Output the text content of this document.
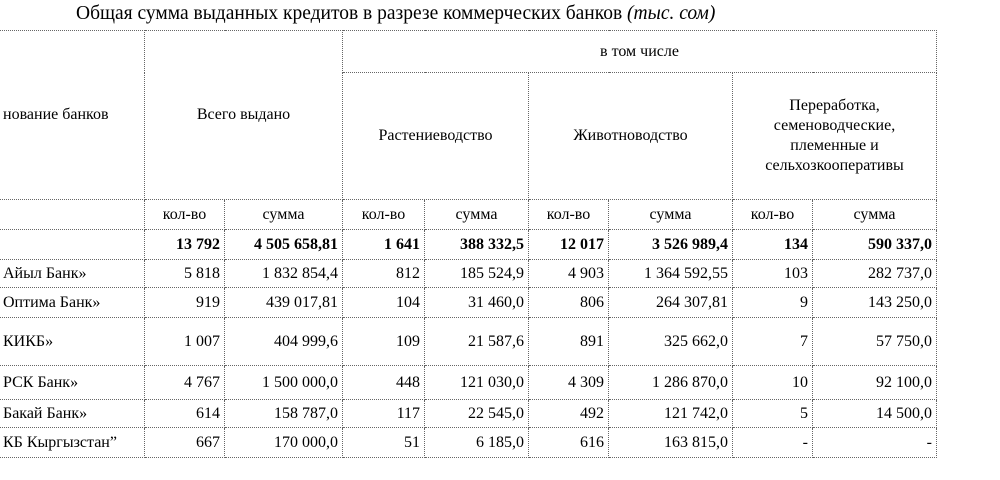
Общая сумма выданных кредитов в разрезе коммерческих банков (тыс. сом)
нование банков	Всего выдано		в том числе					
			Растениеводство		Животноводство		Переработка,
семеноводческие,
племенные и
сельхозкооперативы	

	кол-во	сумма	кол-во	сумма	кол-во	сумма	кол-во	сумма
	13 792	4 505 658,81	1 641	388 332,5	12 017	3 526 989,4	134	590 337,0
Айыл Банк»	5 818	1 832 854,4	812	185 524,9	4 903	1 364 592,55	103	282 737,0
Оптима Банк»	919	439 017,81	104	31 460,0	806	264 307,81	9	143 250,0
КИКБ»	1 007	404 999,6	109	21 587,6	891	325 662,0	7	57 750,0
РСК Банк»	4 767	1 500 000,0	448	121 030,0	4 309	1 286 870,0	10	92 100,0
Бакай Банк»	614	158 787,0	117	22 545,0	492	121 742,0	5	14 500,0
КБ Кыргызстан”	667	170 000,0	51	6 185,0	616	163 815,0	-	-
